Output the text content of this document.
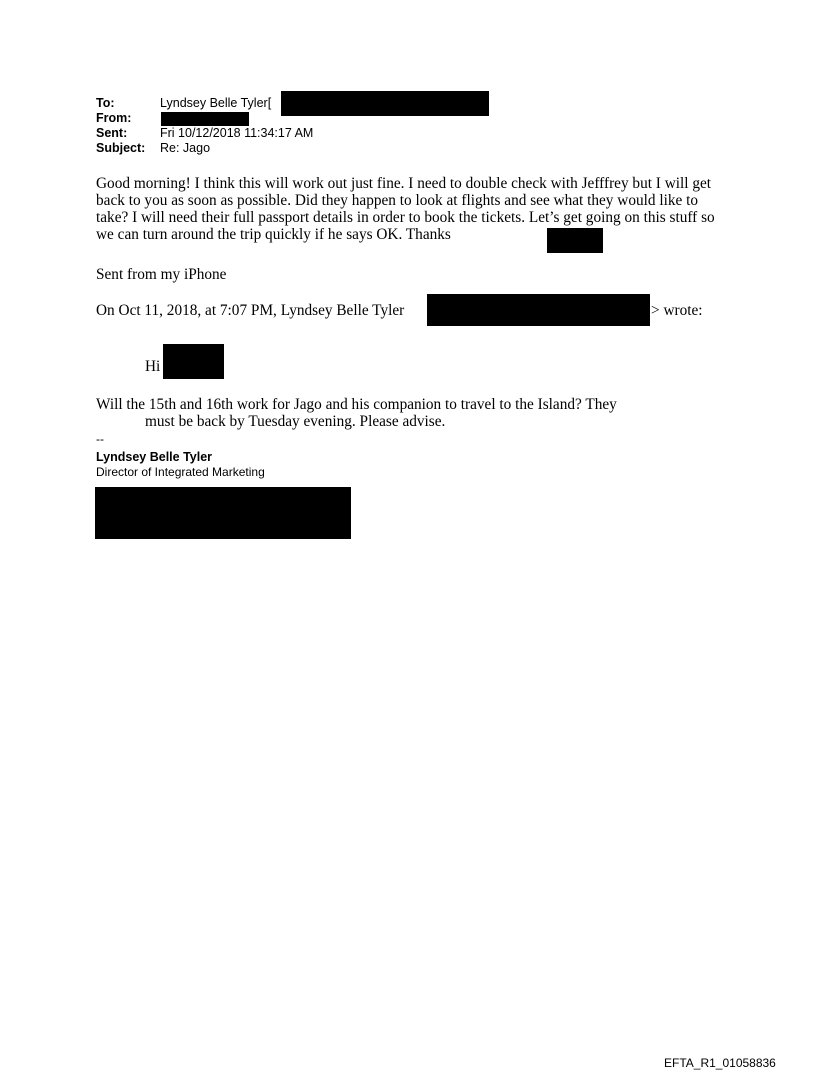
To:	Lyndsey Belle Tyler[
From:
Sent:	Fri 10/12/2018 11:34:17 AM
Subject: Re: Jago
Good morning! I think this will work out just fine. I need to double check with Jefffrey but I will get back to you as soon as possible. Did they happen to look at flights and see what they would like to take? I will need their full passport details in order to book the tickets. Let’s get going on this stuff so we can turn around the trip quickly if he says OK. Thanks
Sent from my iPhone
On Oct 11, 2018, at 7:07 PM, Lyndsey Belle Tyler	> wrote:
Hi
Will the 15th and 16th work for Jago and his companion to travel to the Island? They
must be back by Tuesday evening. Please advise.
--
Lyndsey Belle Tyler
Director of Integrated Marketing
EFTA_R1_01058836
